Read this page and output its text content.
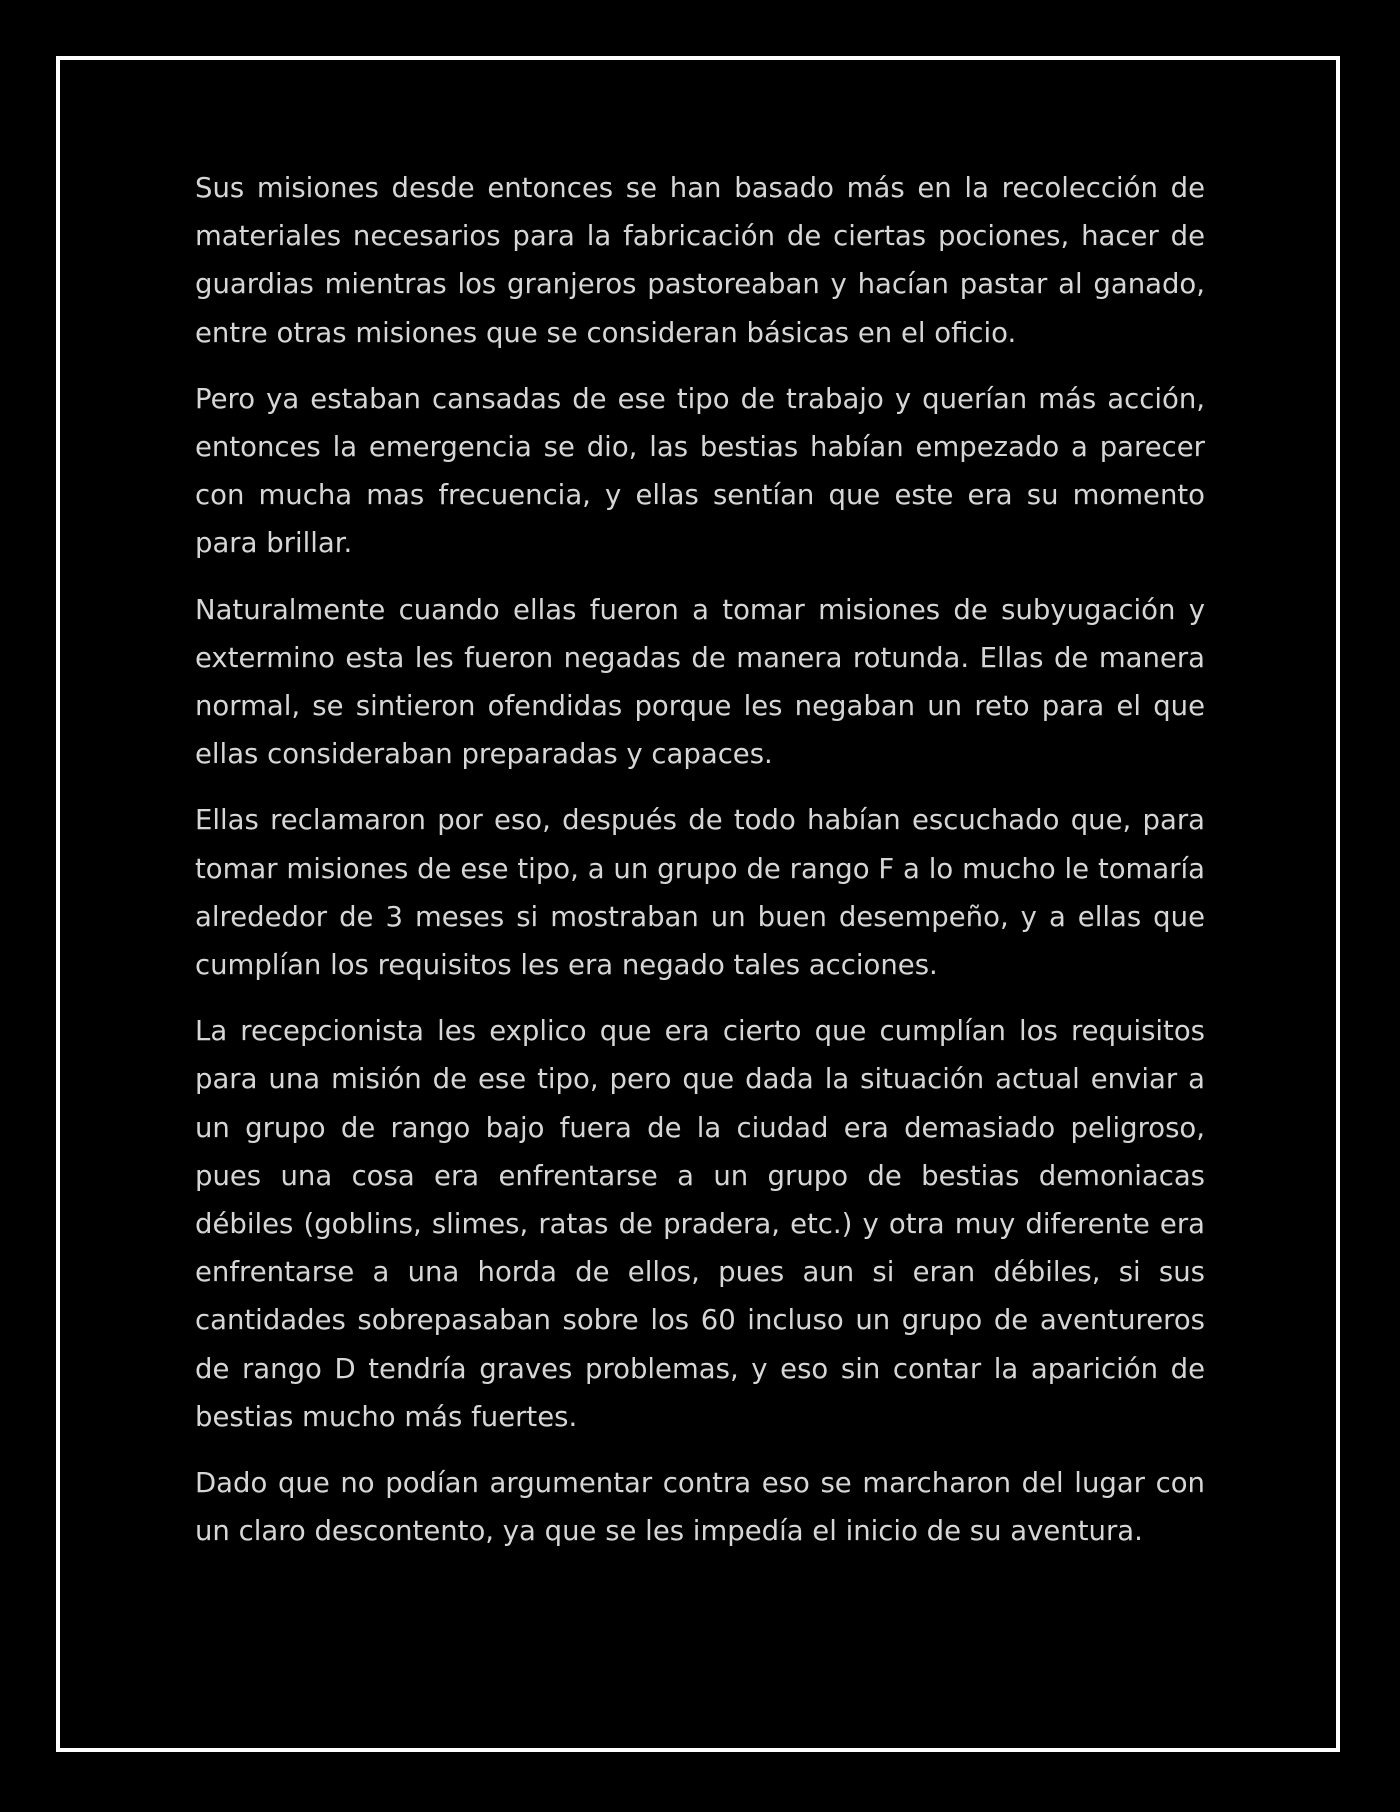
Sus misiones desde entonces se han basado más en la recolección de materiales necesarios para la fabricación de ciertas pociones, hacer de guardias mientras los granjeros pastoreaban y hacían pastar al ganado, entre otras misiones que se consideran básicas en el oficio.

Pero ya estaban cansadas de ese tipo de trabajo y querían más acción, entonces la emergencia se dio, las bestias habían empezado a parecer con mucha mas frecuencia, y ellas sentían que este era su momento para brillar.

Naturalmente cuando ellas fueron a tomar misiones de subyugación y extermino esta les fueron negadas de manera rotunda. Ellas de manera normal, se sintieron ofendidas porque les negaban un reto para el que ellas consideraban preparadas y capaces.

Ellas reclamaron por eso, después de todo habían escuchado que, para tomar misiones de ese tipo, a un grupo de rango F a lo mucho le tomaría alrededor de 3 meses si mostraban un buen desempeño, y a ellas que cumplían los requisitos les era negado tales acciones.

La recepcionista les explico que era cierto que cumplían los requisitos para una misión de ese tipo, pero que dada la situación actual enviar a un grupo de rango bajo fuera de la ciudad era demasiado peligroso, pues una cosa era enfrentarse a un grupo de bestias demoniacas débiles (goblins, slimes, ratas de pradera, etc.) y otra muy diferente era enfrentarse a una horda de ellos, pues aun si eran débiles, si sus cantidades sobrepasaban sobre los 60 incluso un grupo de aventureros de rango D tendría graves problemas, y eso sin contar la aparición de bestias mucho más fuertes.

Dado que no podían argumentar contra eso se marcharon del lugar con un claro descontento, ya que se les impedía el inicio de su aventura.
